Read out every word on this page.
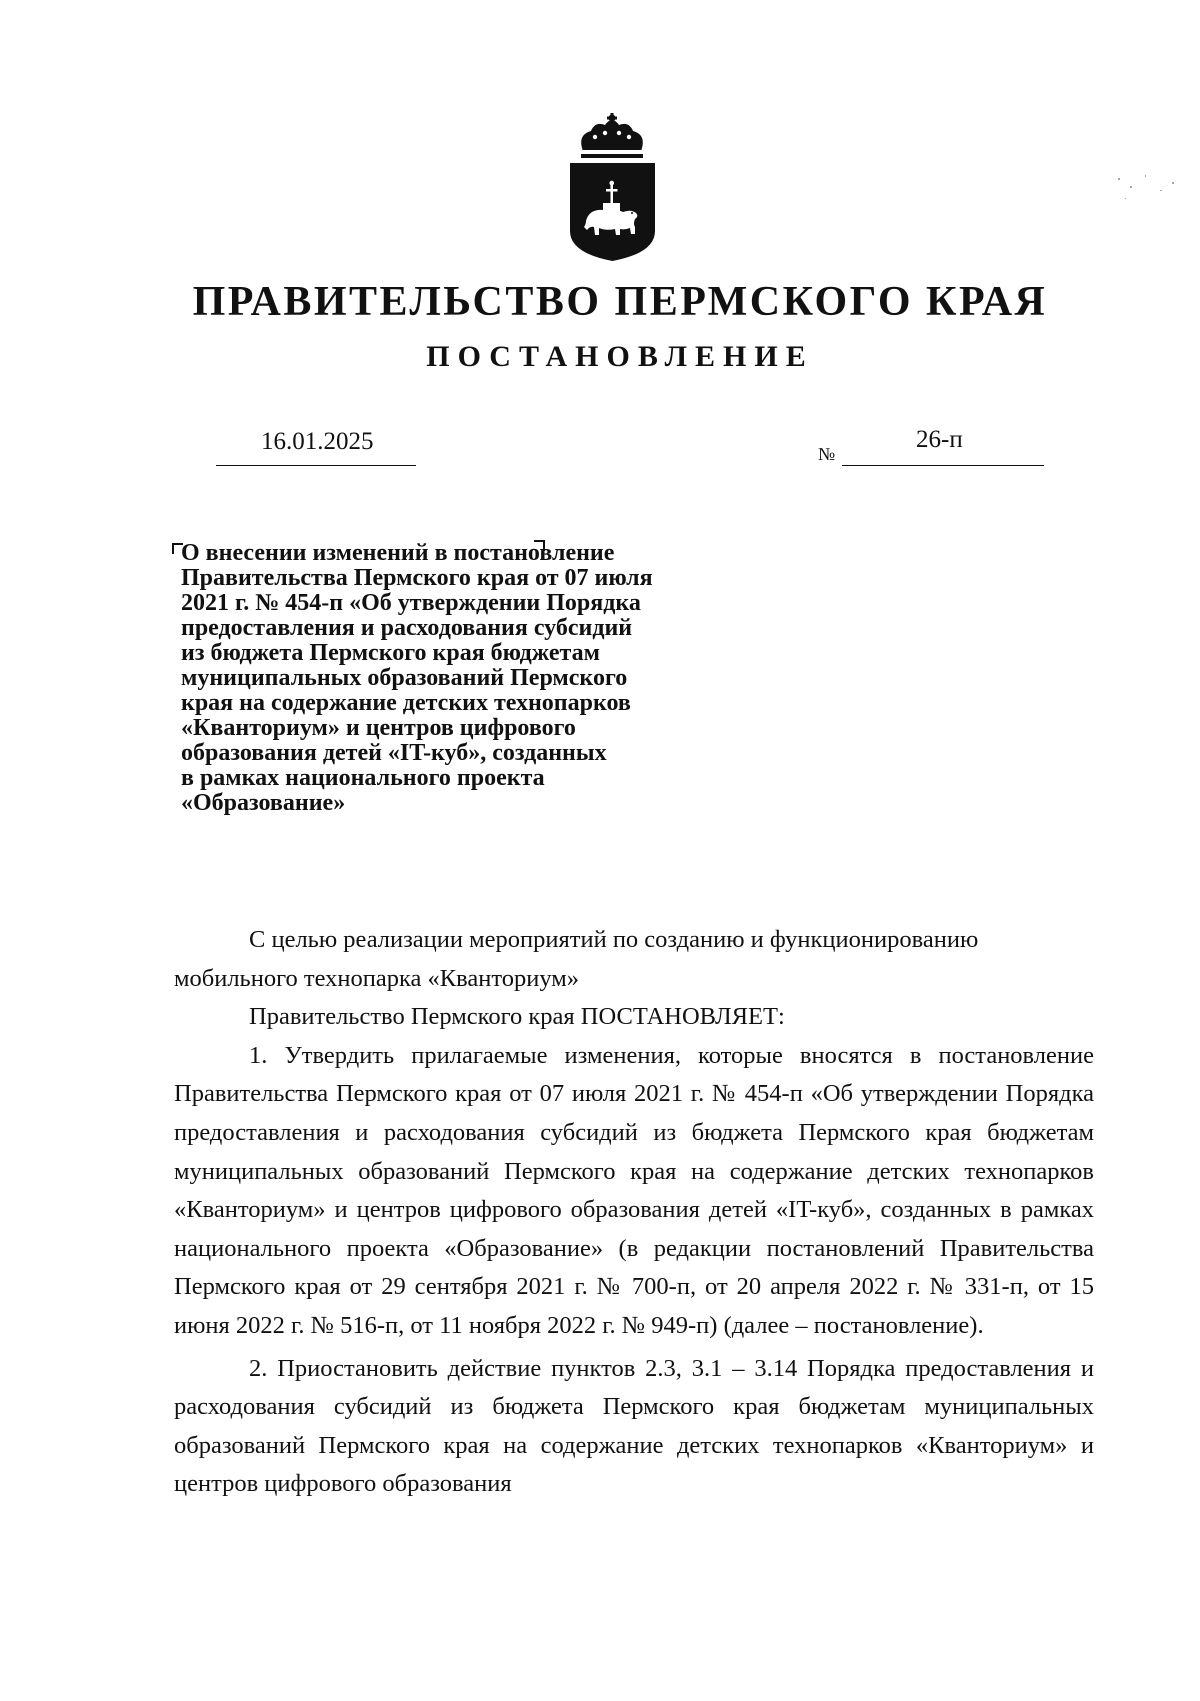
ПРАВИТЕЛЬСТВО ПЕРМСКОГО КРАЯ
ПОСТАНОВЛЕНИЕ
16.01.2025	№
26-п
О внесении изменений в постановление
Правительства Пермского края от 07 июля
2021 г. № 454-п «Об утверждении Порядка
предоставления и расходования субсидий
из бюджета Пермского края бюджетам
муниципальных образований Пермского
края на содержание детских технопарков
«Кванториум» и центров цифрового
образования детей «IT-куб», созданных
в рамках национального проекта
«Образование»

С целью реализации мероприятий по созданию и функционированию

мобильного технопарка «Кванториум»

Правительство Пермского края ПОСТАНОВЛЯЕТ:

1. Утвердить прилагаемые изменения, которые вносятся в постановление Правительства Пермского края от 07 июля 2021 г. № 454-п «Об утверждении Порядка предоставления и расходования субсидий из бюджета Пермского края бюджетам муниципальных образований Пермского края на содержание детских технопарков «Кванториум» и центров цифрового образования детей «IT-куб», созданных в рамках национального проекта «Образование» (в редакции постановлений Правительства Пермского края от 29 сентября 2021 г. № 700-п, от 20 апреля 2022 г. № 331-п, от 15 июня 2022 г. № 516-п, от 11 ноября 2022 г. № 949-п) (далее – постановление).

2. Приостановить действие пунктов 2.3, 3.1 – 3.14 Порядка предоставления и расходования субсидий из бюджета Пермского края бюджетам муниципальных образований Пермского края на содержание детских технопарков «Кванториум» и центров цифрового образования
